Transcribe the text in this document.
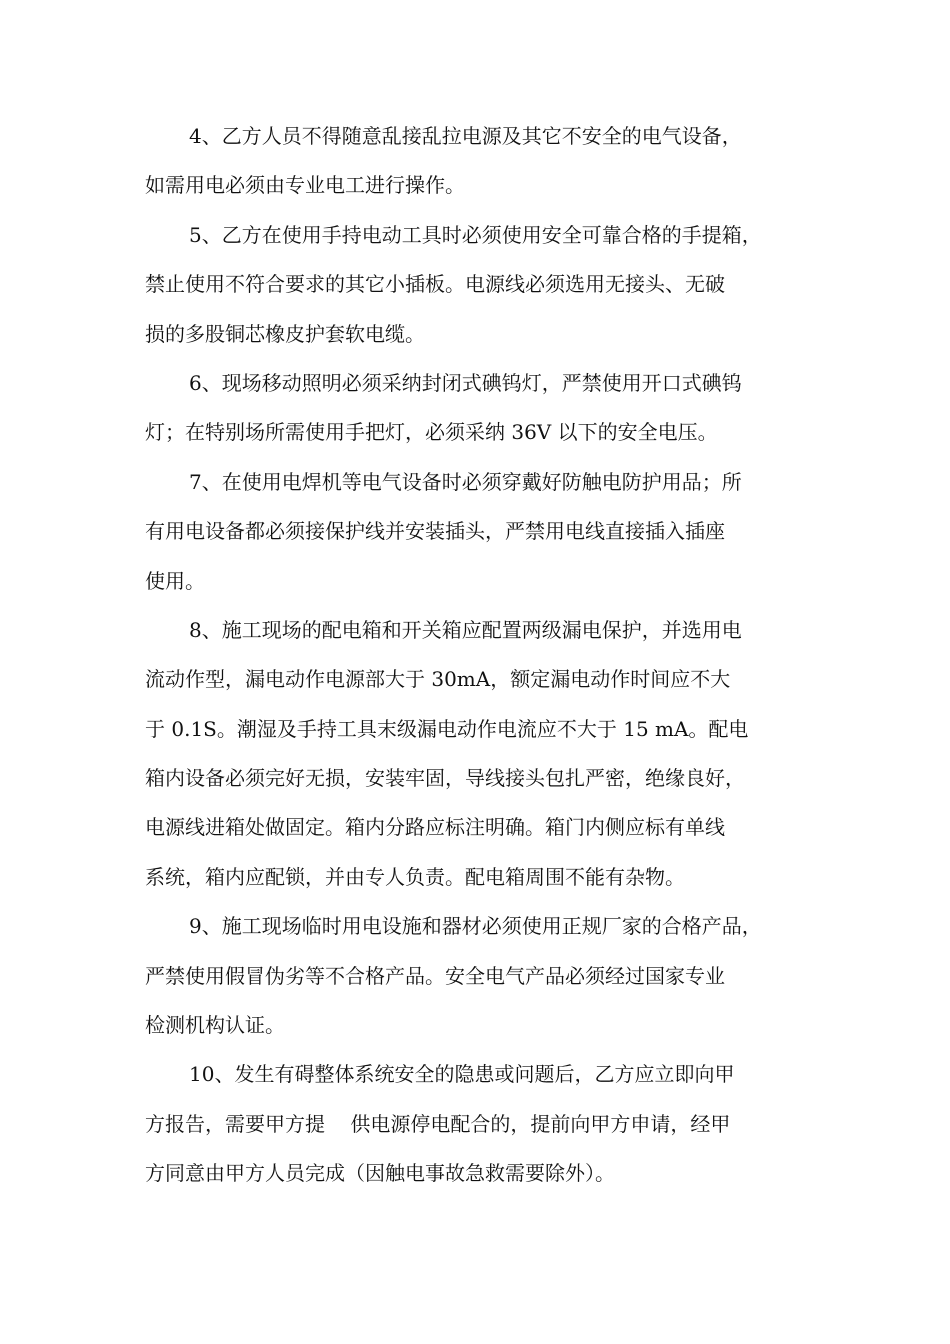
4、乙方人员不得随意乱接乱拉电源及其它不安全的电气设备，
如需用电必须由专业电工进行操作。
5、乙方在使用手持电动工具时必须使用安全可靠合格的手提箱，
禁止使用不符合要求的其它小插板。电源线必须选用无接头、无破
损的多股铜芯橡皮护套软电缆。
6、现场移动照明必须采纳封闭式碘钨灯，严禁使用开口式碘钨
灯；在特别场所需使用手把灯，必须采纳 36V 以下的安全电压。
7、在使用电焊机等电气设备时必须穿戴好防触电防护用品；所
有用电设备都必须接保护线并安装插头，严禁用电线直接插入插座
使用。
8、施工现场的配电箱和开关箱应配置两级漏电保护，并选用电
流动作型，漏电动作电源部大于 30mA，额定漏电动作时间应不大
于 0.1S。潮湿及手持工具末级漏电动作电流应不大于 15 mA。配电
箱内设备必须完好无损，安装牢固，导线接头包扎严密，绝缘良好，
电源线进箱处做固定。箱内分路应标注明确。箱门内侧应标有单线
系统，箱内应配锁，并由专人负责。配电箱周围不能有杂物。
9、施工现场临时用电设施和器材必须使用正规厂家的合格产品，
严禁使用假冒伪劣等不合格产品。安全电气产品必须经过国家专业
检测机构认证。
10、发生有碍整体系统安全的隐患或问题后，乙方应立即向甲
方报告，需要甲方提    供电源停电配合的，提前向甲方申请，经甲
方同意由甲方人员完成（因触电事故急救需要除外）。
